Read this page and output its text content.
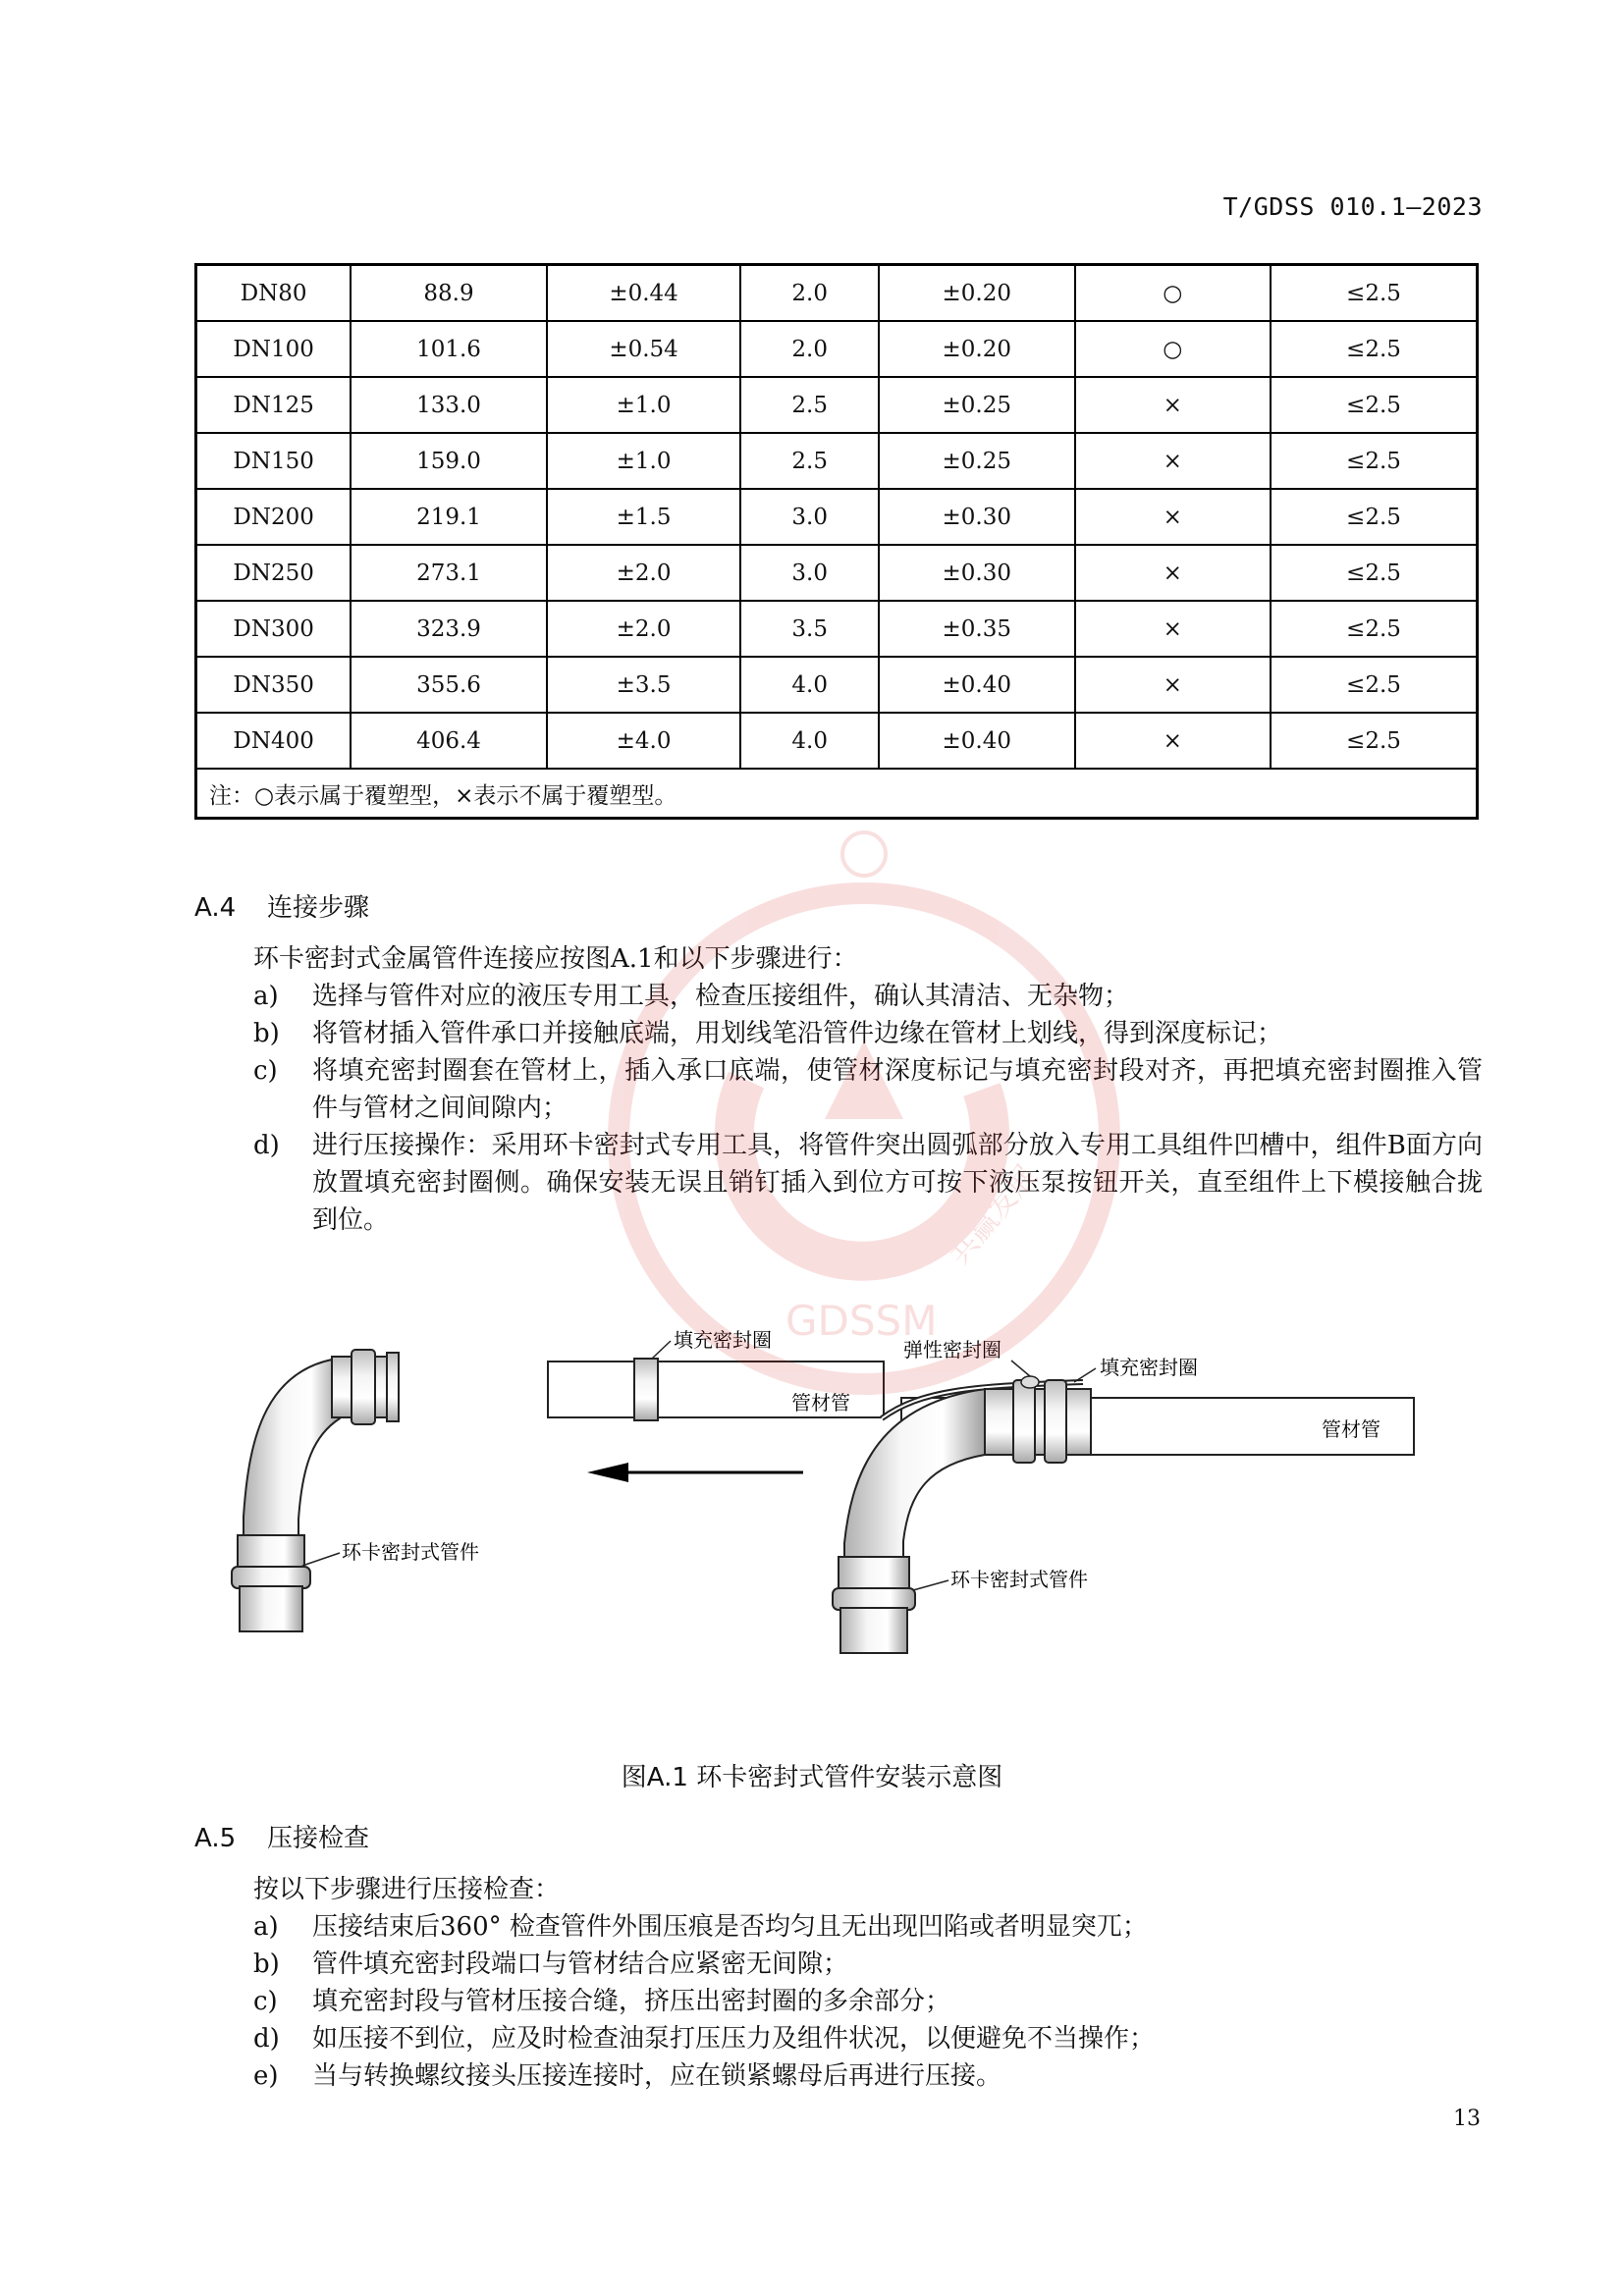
T/GDSS 010.1—2023
DN80	88.9	±0.44	2.0	±0.20	○	≤2.5
DN100	101.6	±0.54	2.0	±0.20	○	≤2.5
DN125	133.0	±1.0	2.5	±0.25	×	≤2.5
DN150	159.0	±1.0	2.5	±0.25	×	≤2.5
DN200	219.1	±1.5	3.0	±0.30	×	≤2.5
DN250	273.1	±2.0	3.0	±0.30	×	≤2.5
DN300	323.9	±2.0	3.5	±0.35	×	≤2.5
DN350	355.6	±3.5	4.0	±0.40	×	≤2.5
DN400	406.4	±4.0	4.0	±0.40	×	≤2.5
注：○表示属于覆塑型，×表示不属于覆塑型。						
A.4 连接步骤
环卡密封式金属管件连接应按图A.1和以下步骤进行：
a) 选择与管件对应的液压专用工具，检查压接组件，确认其清洁、无杂物；
b) 将管材插入管件承口并接触底端，用划线笔沿管件边缘在管材上划线，得到深度标记；
c) 将填充密封圈套在管材上，插入承口底端，使管材深度标记与填充密封段对齐，再把填充密封圈推入管件与管材之间间隙内；
d) 进行压接操作：采用环卡密封式专用工具，将管件突出圆弧部分放入专用工具组件凹槽中，组件B面方向放置填充密封圈侧。确保安装无误且销钉插入到位方可按下液压泵按钮开关，直至组件上下模接触合拢到位。
填充密封圈
管材管
环卡密封式管件
弹性密封圈
填充密封圈
管材管
环卡密封式管件
图A.1 环卡密封式管件安装示意图
A.5 压接检查
按以下步骤进行压接检查：
a) 压接结束后360° 检查管件外围压痕是否均匀且无出现凹陷或者明显突兀；
b) 管件填充密封段端口与管材结合应紧密无间隙；
c) 填充密封段与管材压接合缝，挤压出密封圈的多余部分；
d) 如压接不到位，应及时检查油泵打压压力及组件状况，以便避免不当操作；
e) 当与转换螺纹接头压接连接时，应在锁紧螺母后再进行压接。
13
GDSSM
共赢发展
